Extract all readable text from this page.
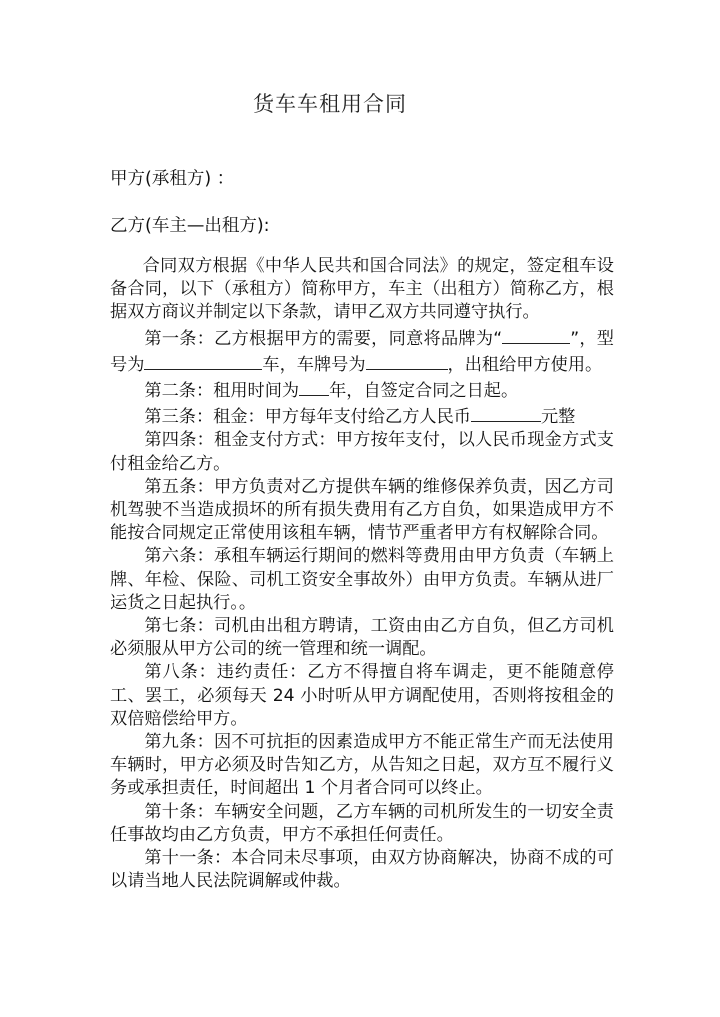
货车车租用合同
甲方(承租方) ：
乙方(车主—出租方):

合同双方根据《中华人民共和国合同法》的规定，签定租车设备合同，以下（承租方）简称甲方，车主（出租方）简称乙方，根据双方商议并制定以下条款，请甲乙双方共同遵守执行。

第一条：乙方根据甲方的需要，同意将品牌为“	”，型号为	车，车牌号为	，出租给甲方使用。

第二条：租用时间为 年，自签定合同之日起。

第三条：租金：甲方每年支付给乙方人民币	元整

第四条：租金支付方式：甲方按年支付，以人民币现金方式支付租金给乙方。

第五条：甲方负责对乙方提供车辆的维修保养负责，因乙方司机驾驶不当造成损坏的所有损失费用有乙方自负，如果造成甲方不能按合同规定正常使用该租车辆，情节严重者甲方有权解除合同。

第六条：承租车辆运行期间的燃料等费用由甲方负责（车辆上牌、年检、保险、司机工资安全事故外）由甲方负责。车辆从进厂运货之日起执行。。

第七条：司机由出租方聘请，工资由由乙方自负，但乙方司机必须服从甲方公司的统一管理和统一调配。

第八条：违约责任：乙方不得擅自将车调走，更不能随意停工、罢工，必须每天 24 小时听从甲方调配使用，否则将按租金的双倍赔偿给甲方。

第九条：因不可抗拒的因素造成甲方不能正常生产而无法使用车辆时，甲方必须及时告知乙方，从告知之日起，双方互不履行义务或承担责任，时间超出 1 个月者合同可以终止。

第十条：车辆安全问题，乙方车辆的司机所发生的一切安全责任事故均由乙方负责，甲方不承担任何责任。

第十一条：本合同未尽事项，由双方协商解决，协商不成的可以请当地人民法院调解或仲裁。
